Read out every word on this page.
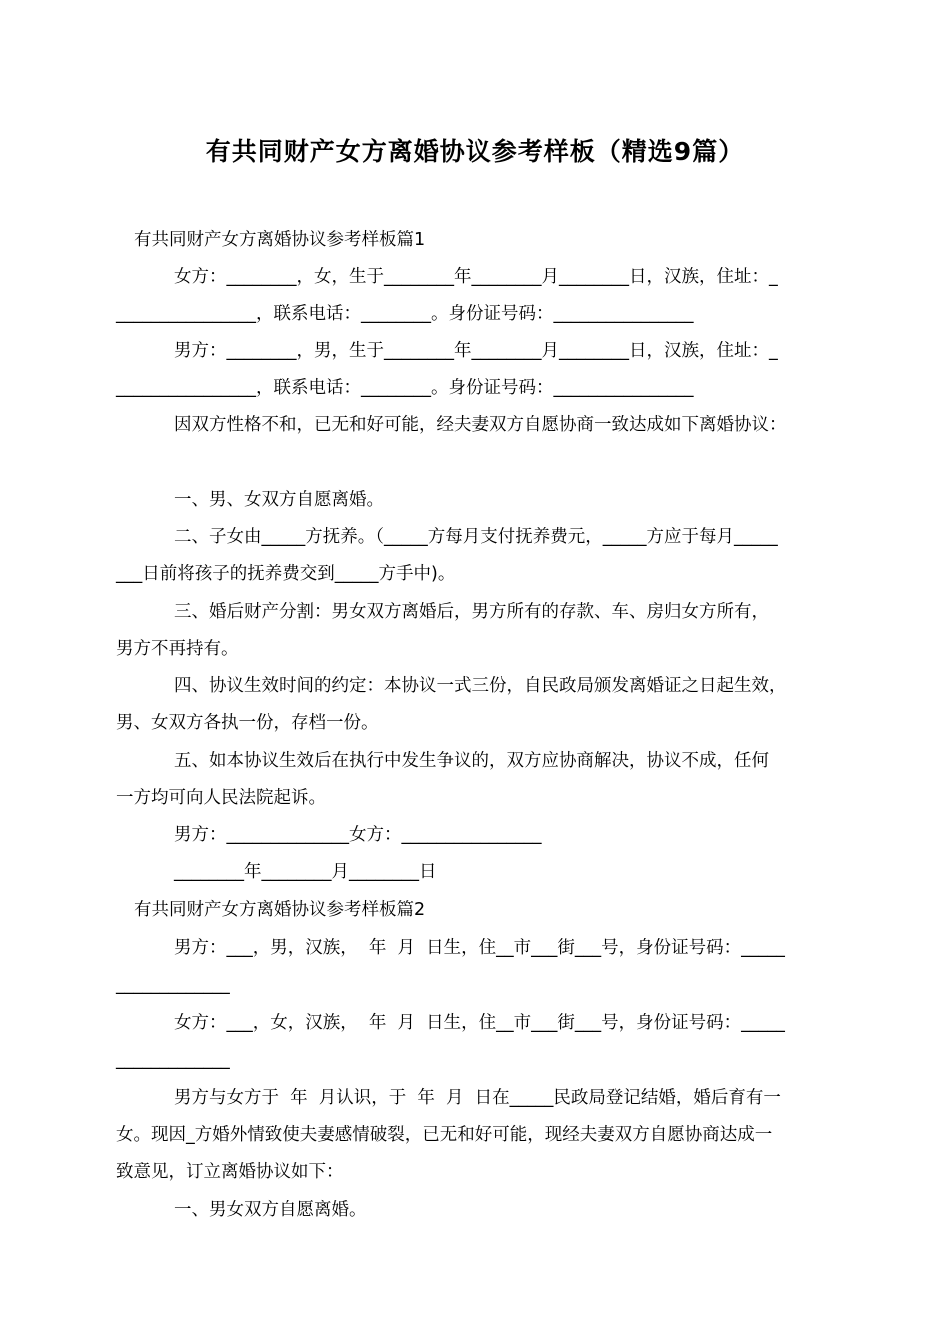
有共同财产女方离婚协议参考样板（精选9篇）
有共同财产女方离婚协议参考样板篇1
女方：________，女，生于________年________月________日，汉族，住址：_
________________，联系电话：________。身份证号码：________________
男方：________，男，生于________年________月________日，汉族，住址：_
________________，联系电话：________。身份证号码：________________
因双方性格不和，已无和好可能，经夫妻双方自愿协商一致达成如下离婚协议：
一、男、女双方自愿离婚。
二、子女由_____方抚养。（_____方每月支付抚养费元，_____方应于每月_____
___日前将孩子的抚养费交到_____方手中)。
三、婚后财产分割：男女双方离婚后，男方所有的存款、车、房归女方所有，
男方不再持有。
四、协议生效时间的约定：本协议一式三份，自民政局颁发离婚证之日起生效，
男、女双方各执一份，存档一份。
五、如本协议生效后在执行中发生争议的，双方应协商解决，协议不成，任何
一方均可向人民法院起诉。
男方：______________女方：________________
________年________月________日
有共同财产女方离婚协议参考样板篇2
男方：___，男，汉族，  年  月  日生，住__市___街___号，身份证号码：_____
_____________
女方：___，女，汉族，  年  月  日生，住__市___街___号，身份证号码：_____
_____________
男方与女方于  年  月认识，于  年  月  日在_____民政局登记结婚，婚后育有一
女。现因_方婚外情致使夫妻感情破裂，已无和好可能，现经夫妻双方自愿协商达成一
致意见，订立离婚协议如下：
一、男女双方自愿离婚。
